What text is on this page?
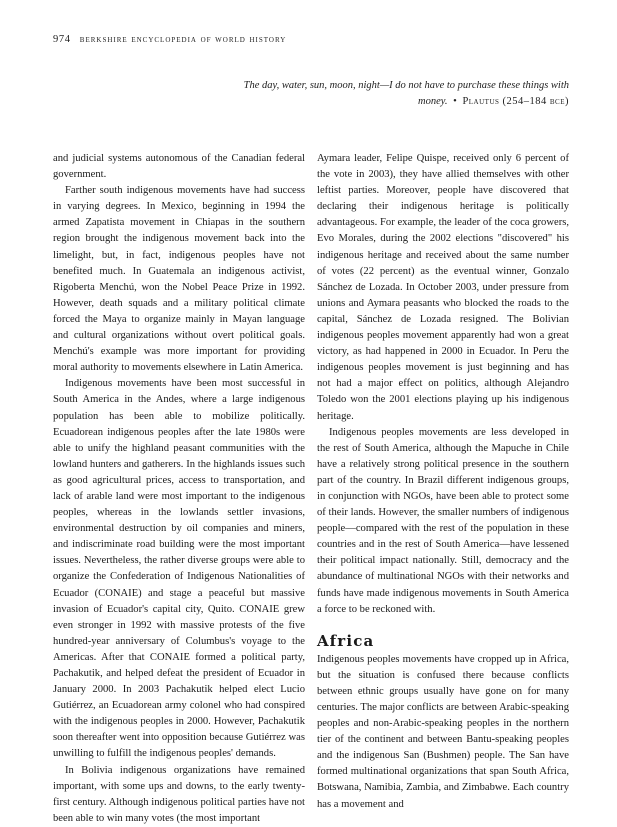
974 berkshire encyclopedia of world history
The day, water, sun, moon, night—I do not have to purchase these things with money. • Plautus (254–184 bce)

and judicial systems autonomous of the Canadian federal government.

Farther south indigenous movements have had success in varying degrees. In Mexico, beginning in 1994 the armed Zapatista movement in Chiapas in the southern region brought the indigenous movement back into the limelight, but, in fact, indigenous peoples have not benefited much. In Guatemala an indigenous activist, Rigoberta Menchú, won the Nobel Peace Prize in 1992. However, death squads and a military political climate forced the Maya to organize mainly in Mayan language and cultural organizations without overt political goals. Menchú's example was more important for providing moral authority to movements elsewhere in Latin America.

Indigenous movements have been most successful in South America in the Andes, where a large indigenous population has been able to mobilize politically. Ecuadorean indigenous peoples after the late 1980s were able to unify the highland peasant communities with the lowland hunters and gatherers. In the highlands issues such as good agricultural prices, access to transportation, and lack of arable land were most important to the indigenous peoples, whereas in the lowlands settler invasions, environmental destruction by oil companies and miners, and indiscriminate road building were the most important issues. Nevertheless, the rather diverse groups were able to organize the Confederation of Indigenous Nationalities of Ecuador (CONAIE) and stage a peaceful but massive invasion of Ecuador's capital city, Quito. CONAIE grew even stronger in 1992 with massive protests of the five hundred-year anniversary of Columbus's voyage to the Americas. After that CONAIE formed a political party, Pachakutik, and helped defeat the president of Ecuador in January 2000. In 2003 Pachakutik helped elect Lucio Gutiérrez, an Ecuadorean army colonel who had conspired with the indigenous peoples in 2000. However, Pachakutik soon thereafter went into opposition because Gutiérrez was unwilling to fulfill the indigenous peoples' demands.

In Bolivia indigenous organizations have remained important, with some ups and downs, to the early twenty-first century. Although indigenous political parties have not been able to win many votes (the most important

Aymara leader, Felipe Quispe, received only 6 percent of the vote in 2003), they have allied themselves with other leftist parties. Moreover, people have discovered that declaring their indigenous heritage is politically advantageous. For example, the leader of the coca growers, Evo Morales, during the 2002 elections "discovered" his indigenous heritage and received about the same number of votes (22 percent) as the eventual winner, Gonzalo Sánchez de Lozada. In October 2003, under pressure from unions and Aymara peasants who blocked the roads to the capital, Sánchez de Lozada resigned. The Bolivian indigenous peoples movement apparently had won a great victory, as had happened in 2000 in Ecuador. In Peru the indigenous peoples movement is just beginning and has not had a major effect on politics, although Alejandro Toledo won the 2001 elections playing up his indigenous heritage.

Indigenous peoples movements are less developed in the rest of South America, although the Mapuche in Chile have a relatively strong political presence in the southern part of the country. In Brazil different indigenous groups, in conjunction with NGOs, have been able to protect some of their lands. However, the smaller numbers of indigenous people—compared with the rest of the population in these countries and in the rest of South America—have lessened their political impact nationally. Still, democracy and the abundance of multinational NGOs with their networks and funds have made indigenous movements in South America a force to be reckoned with.

Africa

Indigenous peoples movements have cropped up in Africa, but the situation is confused there because conflicts between ethnic groups usually have gone on for many centuries. The major conflicts are between Arabic-speaking peoples and non-Arabic-speaking peoples in the northern tier of the continent and between Bantu-speaking peoples and the indigenous San (Bushmen) people. The San have formed multinational organizations that span South Africa, Botswana, Namibia, Zambia, and Zimbabwe. Each country has a movement and
